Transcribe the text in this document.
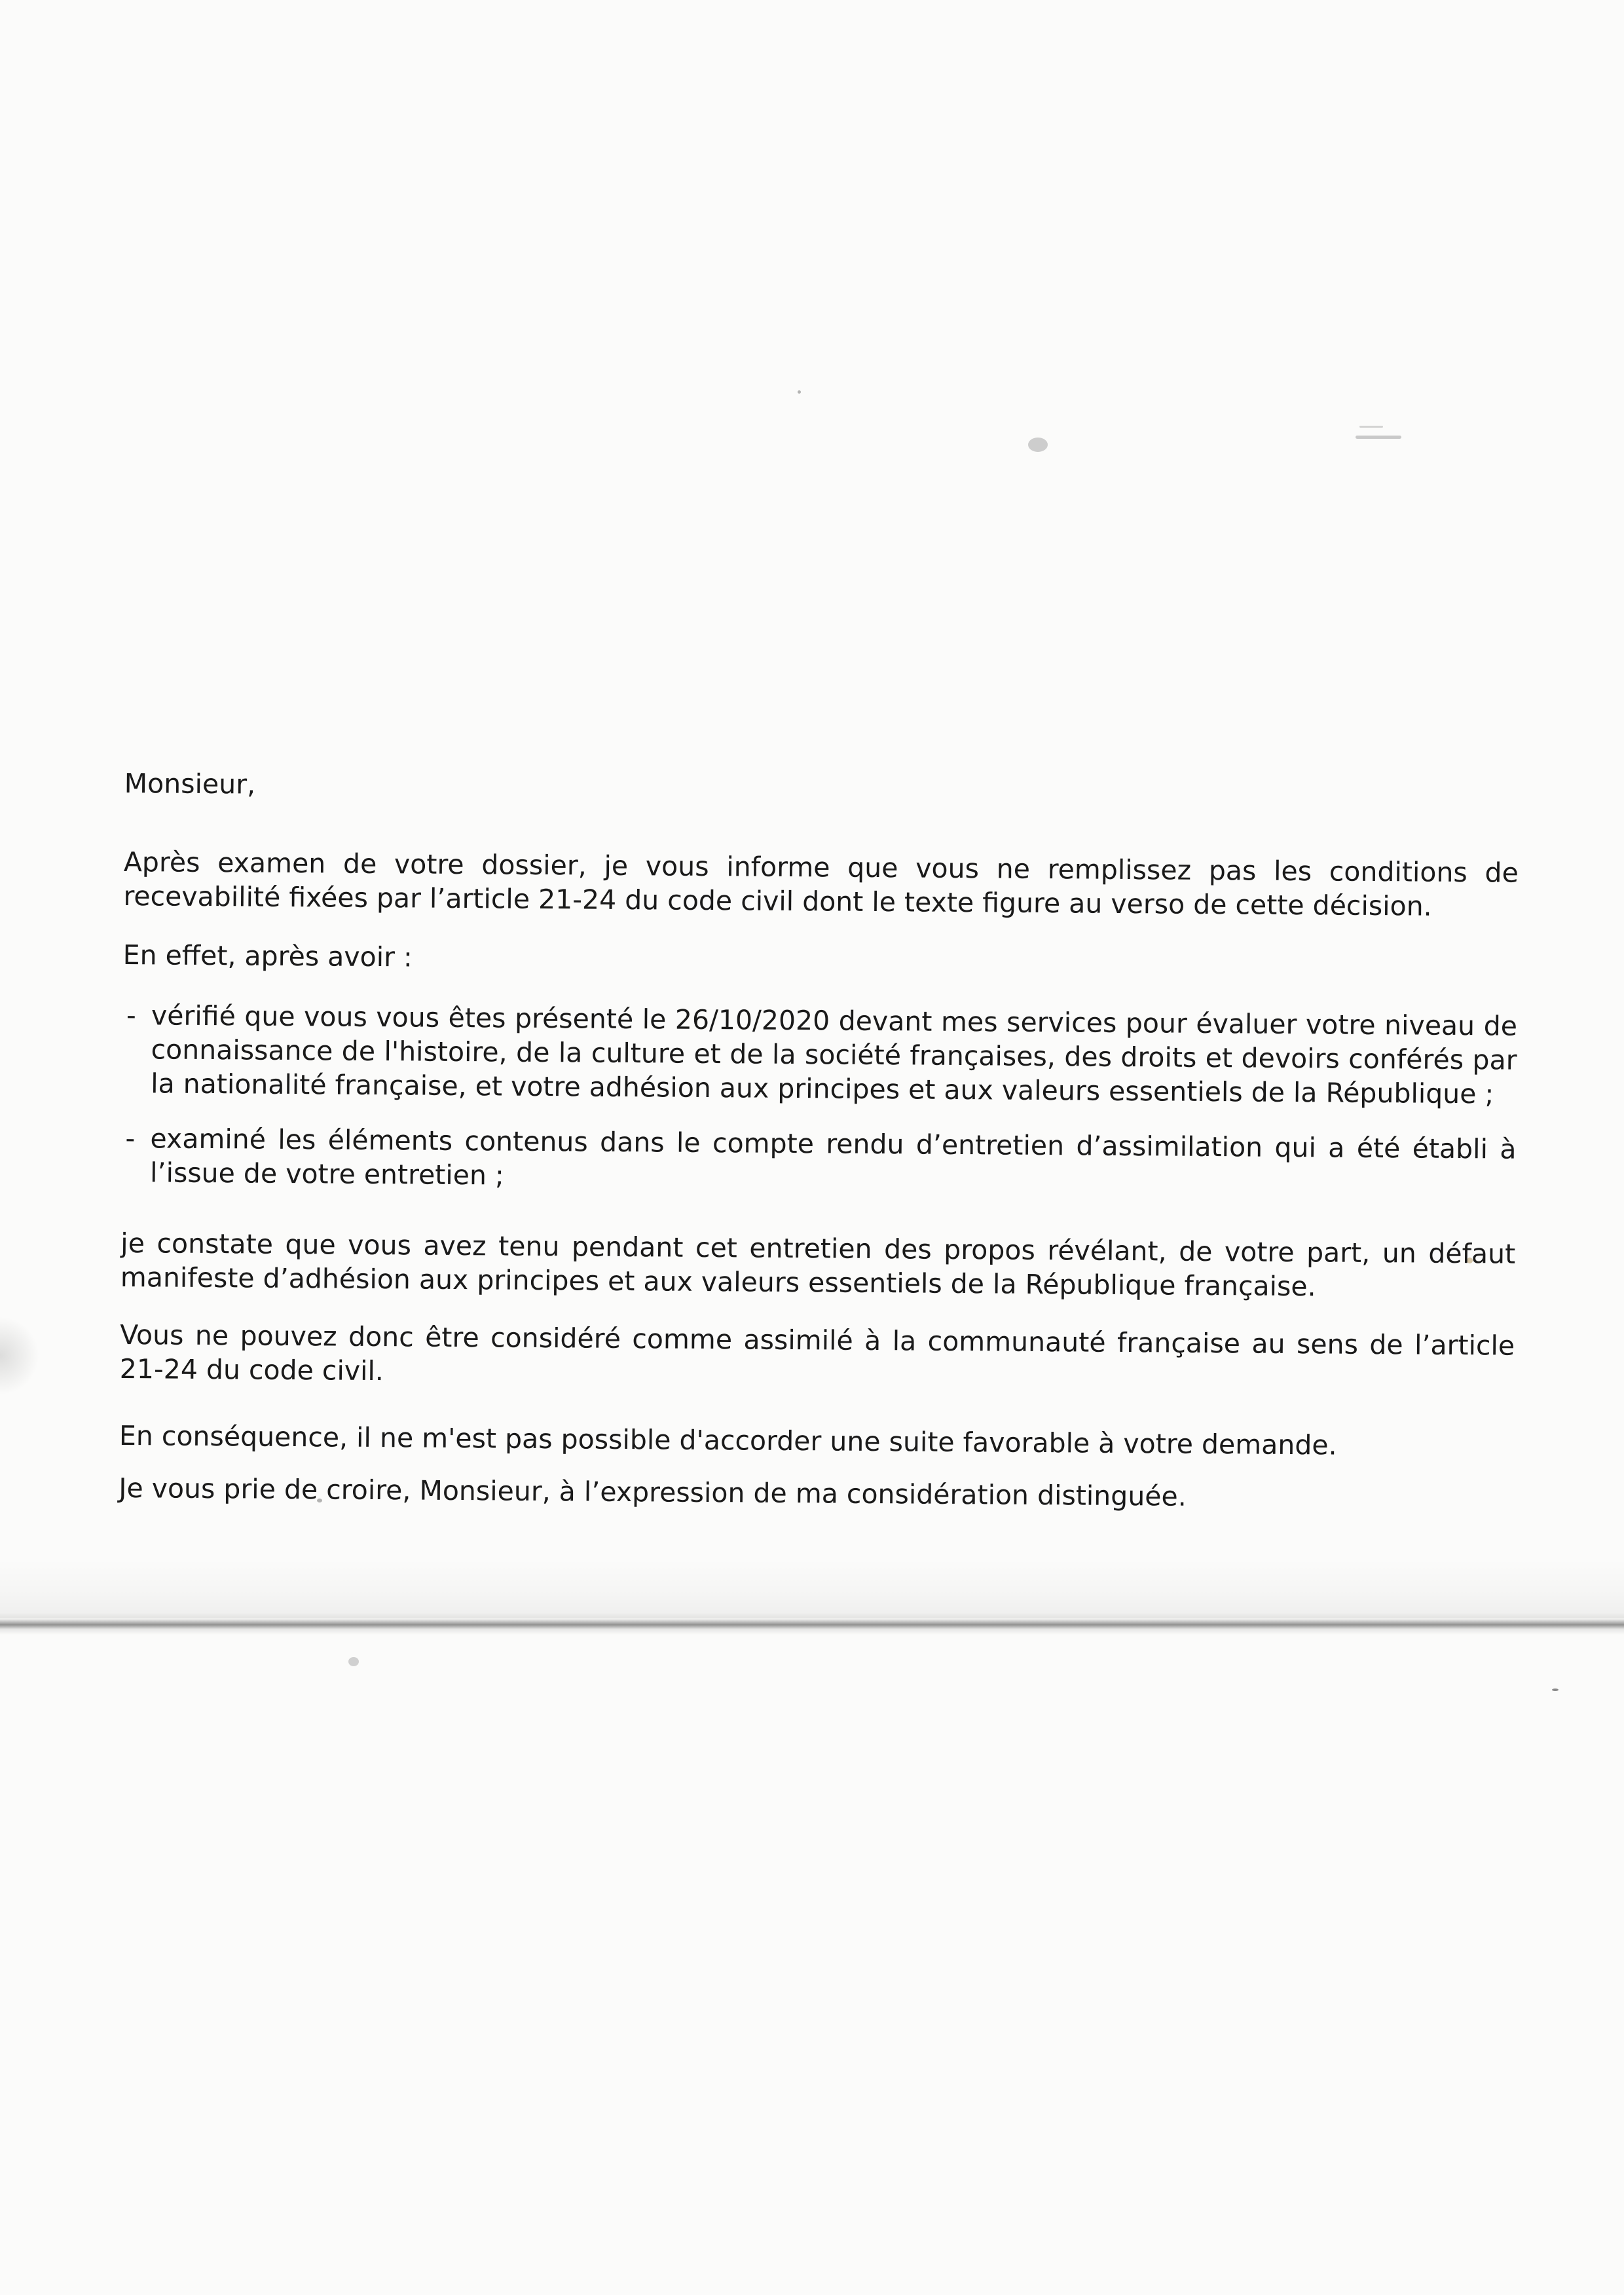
Monsieur,

Après examen de votre dossier, je vous informe que vous ne remplissez pas les conditions de recevabilité fixées par l’article 21-24 du code civil dont le texte figure au verso de cette décision.

En effet, après avoir :

- vérifié que vous vous êtes présenté le 26/10/2020 devant mes services pour évaluer votre niveau de connaissance de l'histoire, de la culture et de la société françaises, des droits et devoirs conférés par la nationalité française, et votre adhésion aux principes et aux valeurs essentiels de la République ;
- examiné les éléments contenus dans le compte rendu d’entretien d’assimilation qui a été établi à l’issue de votre entretien ;

je constate que vous avez tenu pendant cet entretien des propos révélant, de votre part, un défaut manifeste d’adhésion aux principes et aux valeurs essentiels de la République française.

Vous ne pouvez donc être considéré comme assimilé à la communauté française au sens de l’article 21-24 du code civil.

En conséquence, il ne m'est pas possible d'accorder une suite favorable à votre demande.

Je vous prie de croire, Monsieur, à l’expression de ma considération distinguée.
